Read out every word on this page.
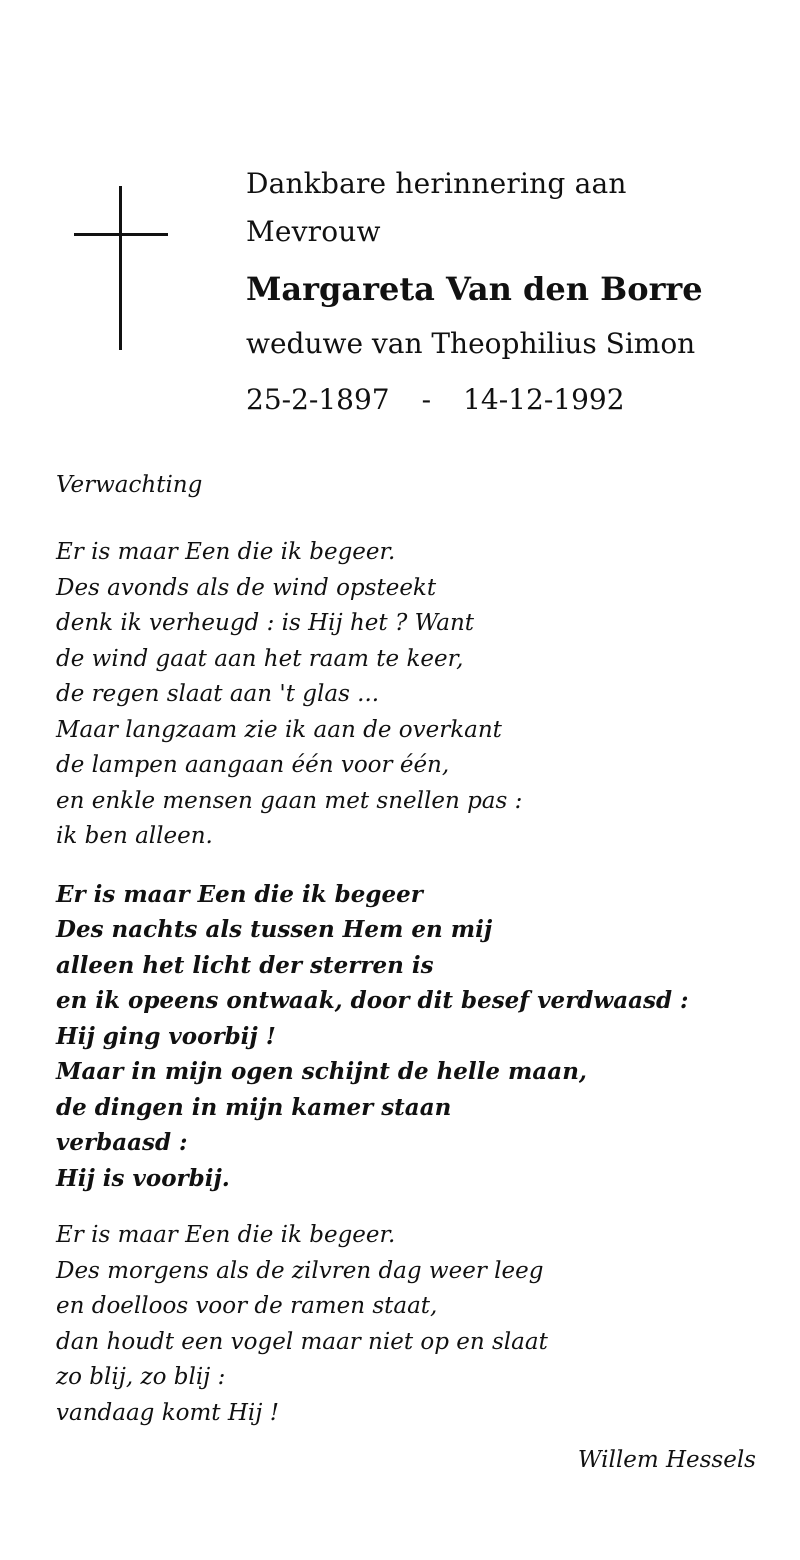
Dankbare herinnering aan
Mevrouw
Margareta Van den Borre
weduwe van Theophilius Simon
25-2-1897 - 14-12-1992
Verwachting
Er is maar Een die ik begeer.
Des avonds als de wind opsteekt
denk ik verheugd : is Hij het ? Want
de wind gaat aan het raam te keer,
de regen slaat aan 't glas ...
Maar langzaam zie ik aan de overkant
de lampen aangaan één voor één,
en enkle mensen gaan met snellen pas :
ik ben alleen.
Er is maar Een die ik begeer
Des nachts als tussen Hem en mij
alleen het licht der sterren is
en ik opeens ontwaak, door dit besef verdwaasd :
Hij ging voorbij !
Maar in mijn ogen schijnt de helle maan,
de dingen in mijn kamer staan
verbaasd :
Hij is voorbij.
Er is maar Een die ik begeer.
Des morgens als de zilvren dag weer leeg
en doelloos voor de ramen staat,
dan houdt een vogel maar niet op en slaat
zo blij, zo blij :
vandaag komt Hij !
Willem Hessels
